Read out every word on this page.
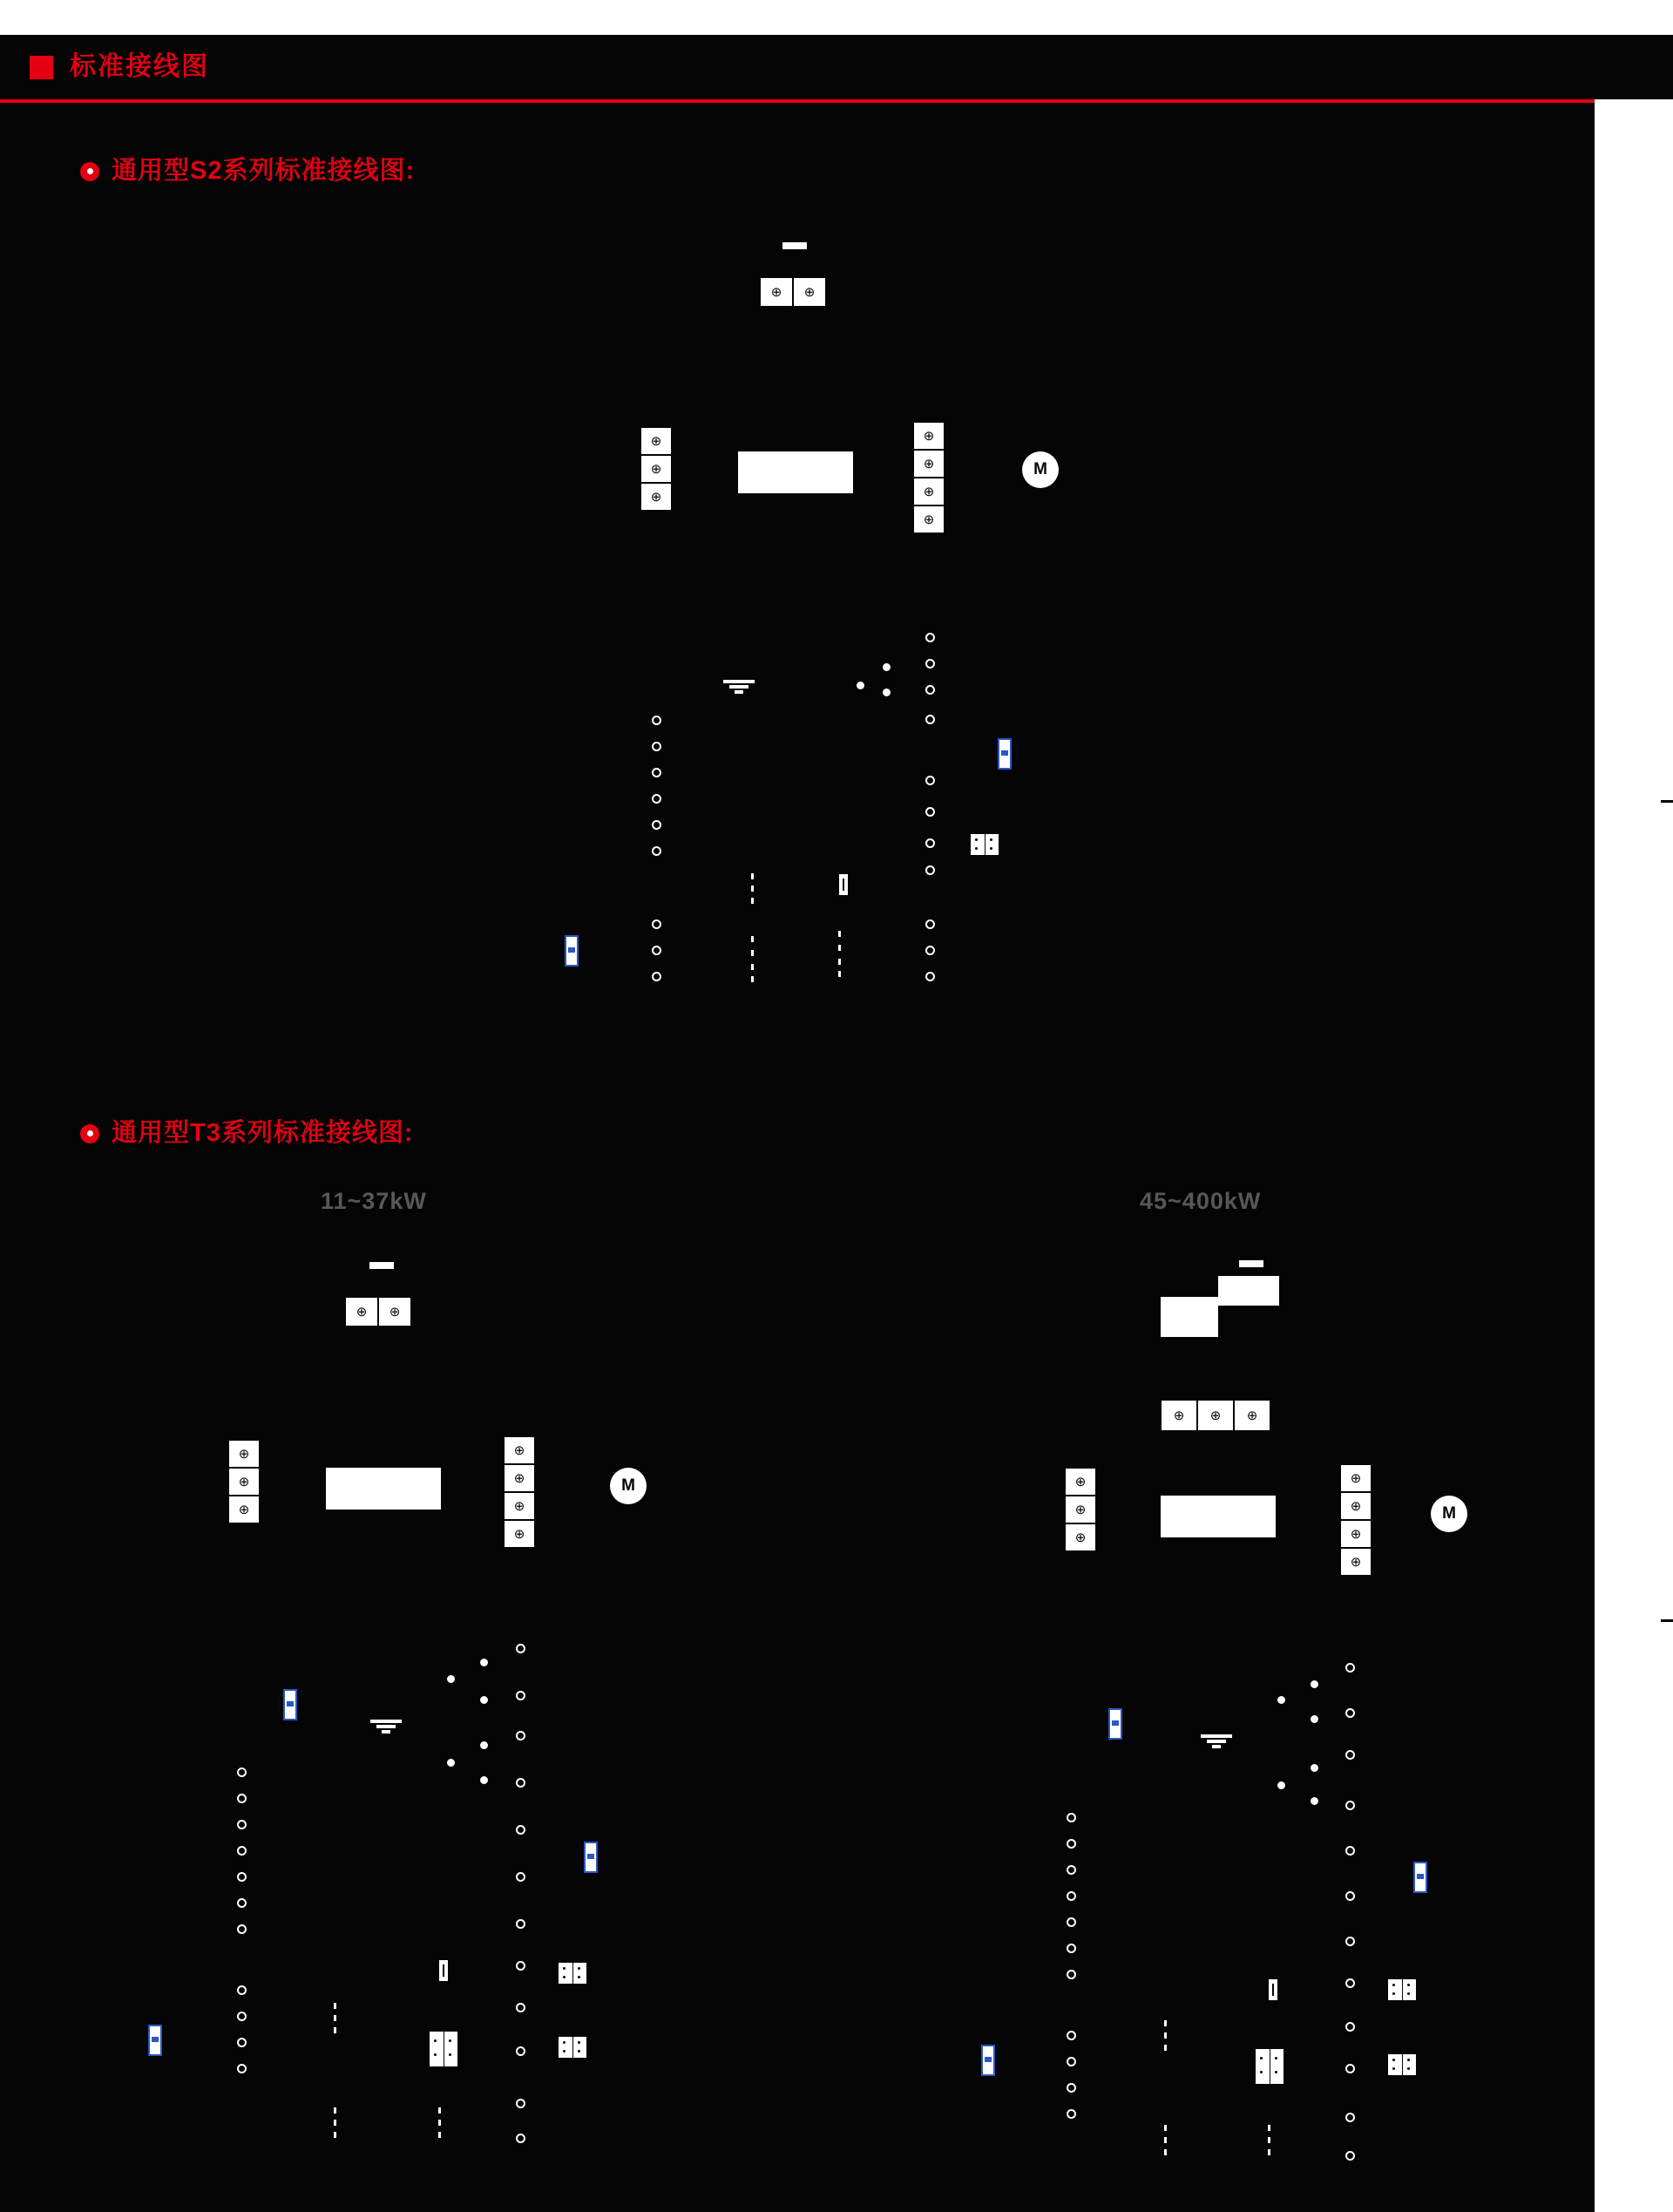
标准接线图
通用型S2系列标准接线图:
⊕	⊕
⊕
⊕
⊕
⊕
⊕
⊕
⊕
M
通用型T3系列标准接线图:
11~37kW	45~400kW
⊕	⊕
⊕
⊕
⊕
⊕
⊕
⊕
⊕
M
⊕	⊕	⊕
⊕
⊕
⊕
⊕
⊕
⊕
⊕
M
